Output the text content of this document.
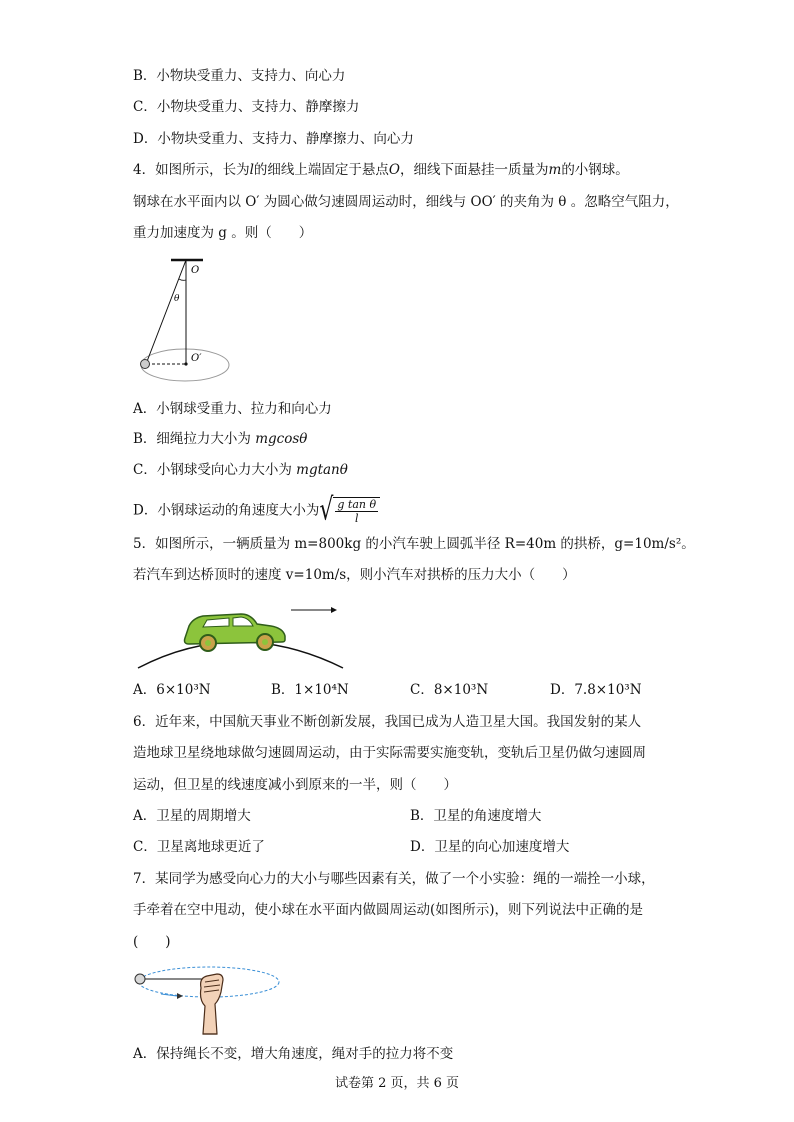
B．小物块受重力、支持力、向心力
C．小物块受重力、支持力、静摩擦力
D．小物块受重力、支持力、静摩擦力、向心力
4．如图所示，长为l的细线上端固定于悬点O，细线下面悬挂一质量为m的小钢球。
钢球在水平面内以 O′ 为圆心做匀速圆周运动时，细线与 OO′ 的夹角为 θ 。忽略空气阻力，
重力加速度为 g 。则（　　）
O
θ
O′
A．小钢球受重力、拉力和向心力
B．细绳拉力大小为 mgcosθ
C．小钢球受向心力大小为 mgtanθ
D．小钢球运动的角速度大小为 √ $\frac{\text{g tan θ}}{l}$
5．如图所示，一辆质量为 m=800kg 的小汽车驶上圆弧半径 R=40m 的拱桥，g=10m/s²。
若汽车到达桥顶时的速度 v=10m/s，则小汽车对拱桥的压力大小（　　）
A．6×10³N	B．1×10⁴N	C．8×10³N	D．7.8×10³N
6．近年来，中国航天事业不断创新发展，我国已成为人造卫星大国。我国发射的某人
造地球卫星绕地球做匀速圆周运动，由于实际需要实施变轨，变轨后卫星仍做匀速圆周
运动，但卫星的线速度减小到原来的一半，则（　　）
A．卫星的周期增大	B．卫星的角速度增大
C．卫星离地球更近了	D．卫星的向心加速度增大
7．某同学为感受向心力的大小与哪些因素有关，做了一个小实验：绳的一端拴一小球，
手牵着在空中甩动，使小球在水平面内做圆周运动(如图所示)，则下列说法中正确的是
(　　)
A．保持绳长不变，增大角速度，绳对手的拉力将不变
试卷第 2 页，共 6 页
